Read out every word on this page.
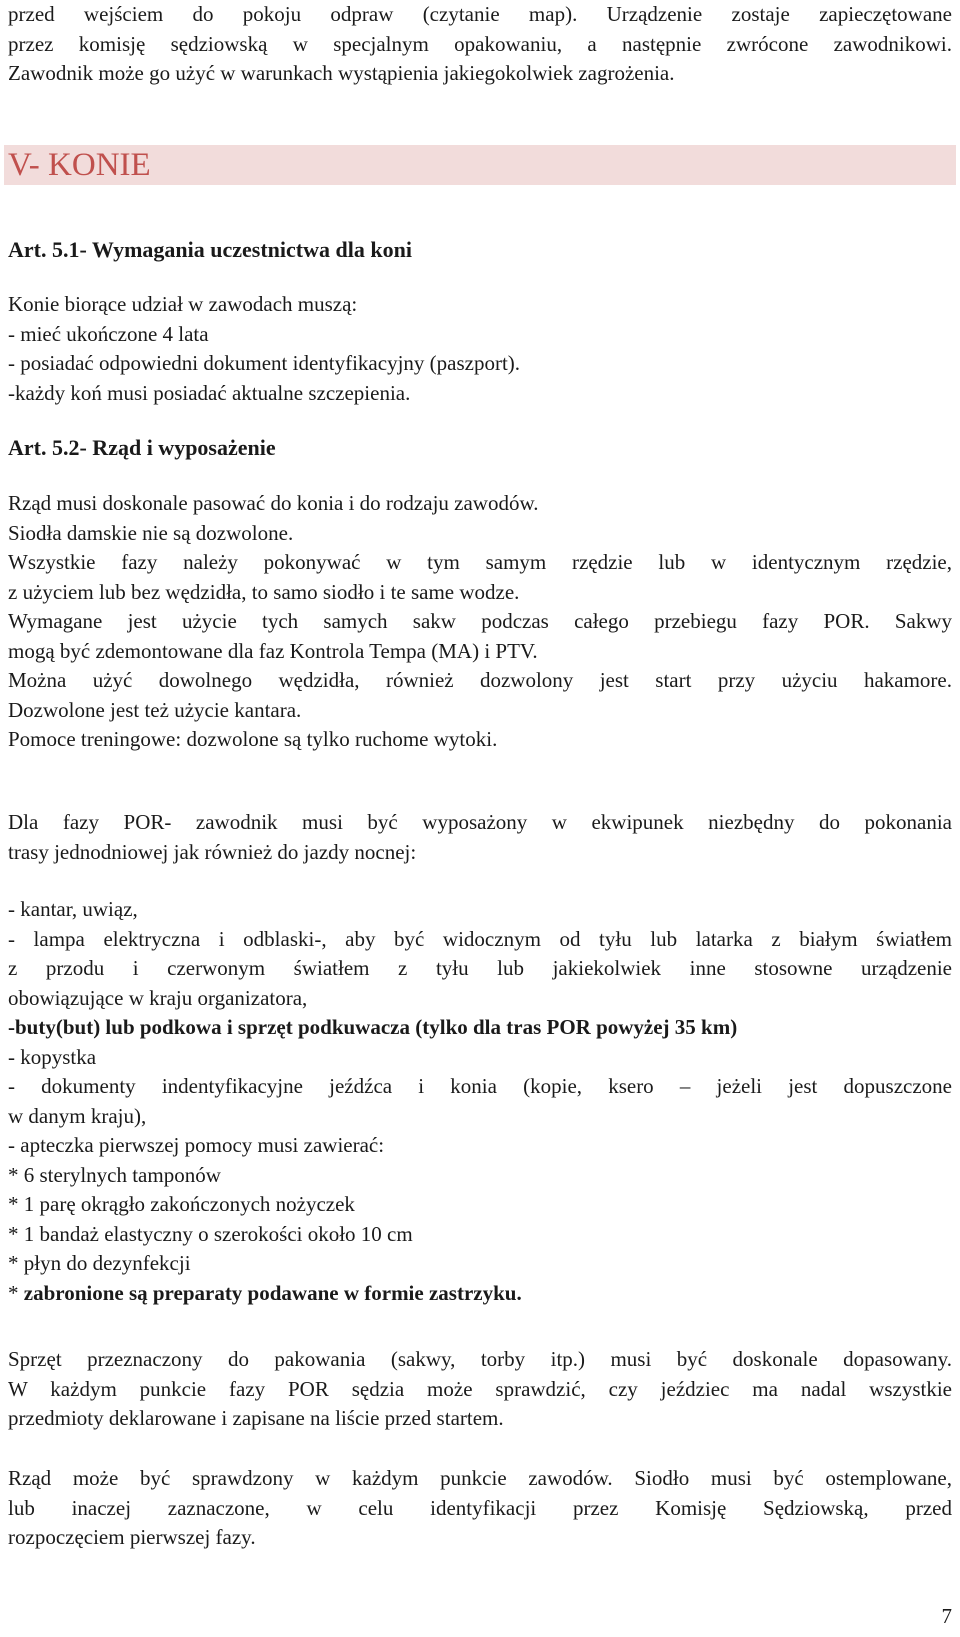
przed wejściem do pokoju odpraw (czytanie map). Urządzenie zostaje zapieczętowane
przez komisję sędziowską w specjalnym opakowaniu, a następnie zwrócone zawodnikowi.
Zawodnik może go użyć w warunkach wystąpienia jakiegokolwiek zagrożenia.
V- KONIE
Art. 5.1- Wymagania uczestnictwa dla koni
Konie biorące udział w zawodach muszą:
- mieć ukończone 4 lata
- posiadać odpowiedni dokument identyfikacyjny (paszport).
-każdy koń musi posiadać aktualne szczepienia.
Art. 5.2- Rząd i wyposażenie
Rząd musi doskonale pasować do konia i do rodzaju zawodów.
Siodła damskie nie są dozwolone.
Wszystkie fazy należy pokonywać w tym samym rzędzie lub w identycznym rzędzie,
z użyciem lub bez wędzidła, to samo siodło i te same wodze.
Wymagane jest użycie tych samych sakw podczas całego przebiegu fazy POR. Sakwy
mogą być zdemontowane dla faz Kontrola Tempa (MA) i PTV.
Można użyć dowolnego wędzidła, również dozwolony jest start przy użyciu hakamore.
Dozwolone jest też użycie kantara.
Pomoce treningowe: dozwolone są tylko ruchome wytoki.
Dla fazy POR- zawodnik musi być wyposażony w ekwipunek niezbędny do pokonania
trasy jednodniowej jak również do jazdy nocnej:
- kantar, uwiąz,
- lampa elektryczna i odblaski-, aby być widocznym od tyłu lub latarka z białym światłem
z przodu i czerwonym światłem z tyłu lub jakiekolwiek inne stosowne urządzenie
obowiązujące w kraju organizatora,
-buty(but) lub podkowa i sprzęt podkuwacza (tylko dla tras POR powyżej 35 km)
- kopystka
- dokumenty indentyfikacyjne jeźdźca i konia (kopie, ksero – jeżeli jest dopuszczone
w danym kraju),
- apteczka pierwszej pomocy musi zawierać:
* 6 sterylnych tamponów
* 1 parę okrągło zakończonych nożyczek
* 1 bandaż elastyczny o szerokości około 10 cm
* płyn do dezynfekcji
* zabronione są preparaty podawane w formie zastrzyku.
Sprzęt przeznaczony do pakowania (sakwy, torby itp.) musi być doskonale dopasowany.
W każdym punkcie fazy POR sędzia może sprawdzić, czy jeździec ma nadal wszystkie
przedmioty deklarowane i zapisane na liście przed startem.
Rząd może być sprawdzony w każdym punkcie zawodów. Siodło musi być ostemplowane,
lub inaczej zaznaczone, w celu identyfikacji przez Komisję Sędziowską, przed
rozpoczęciem pierwszej fazy.
7
